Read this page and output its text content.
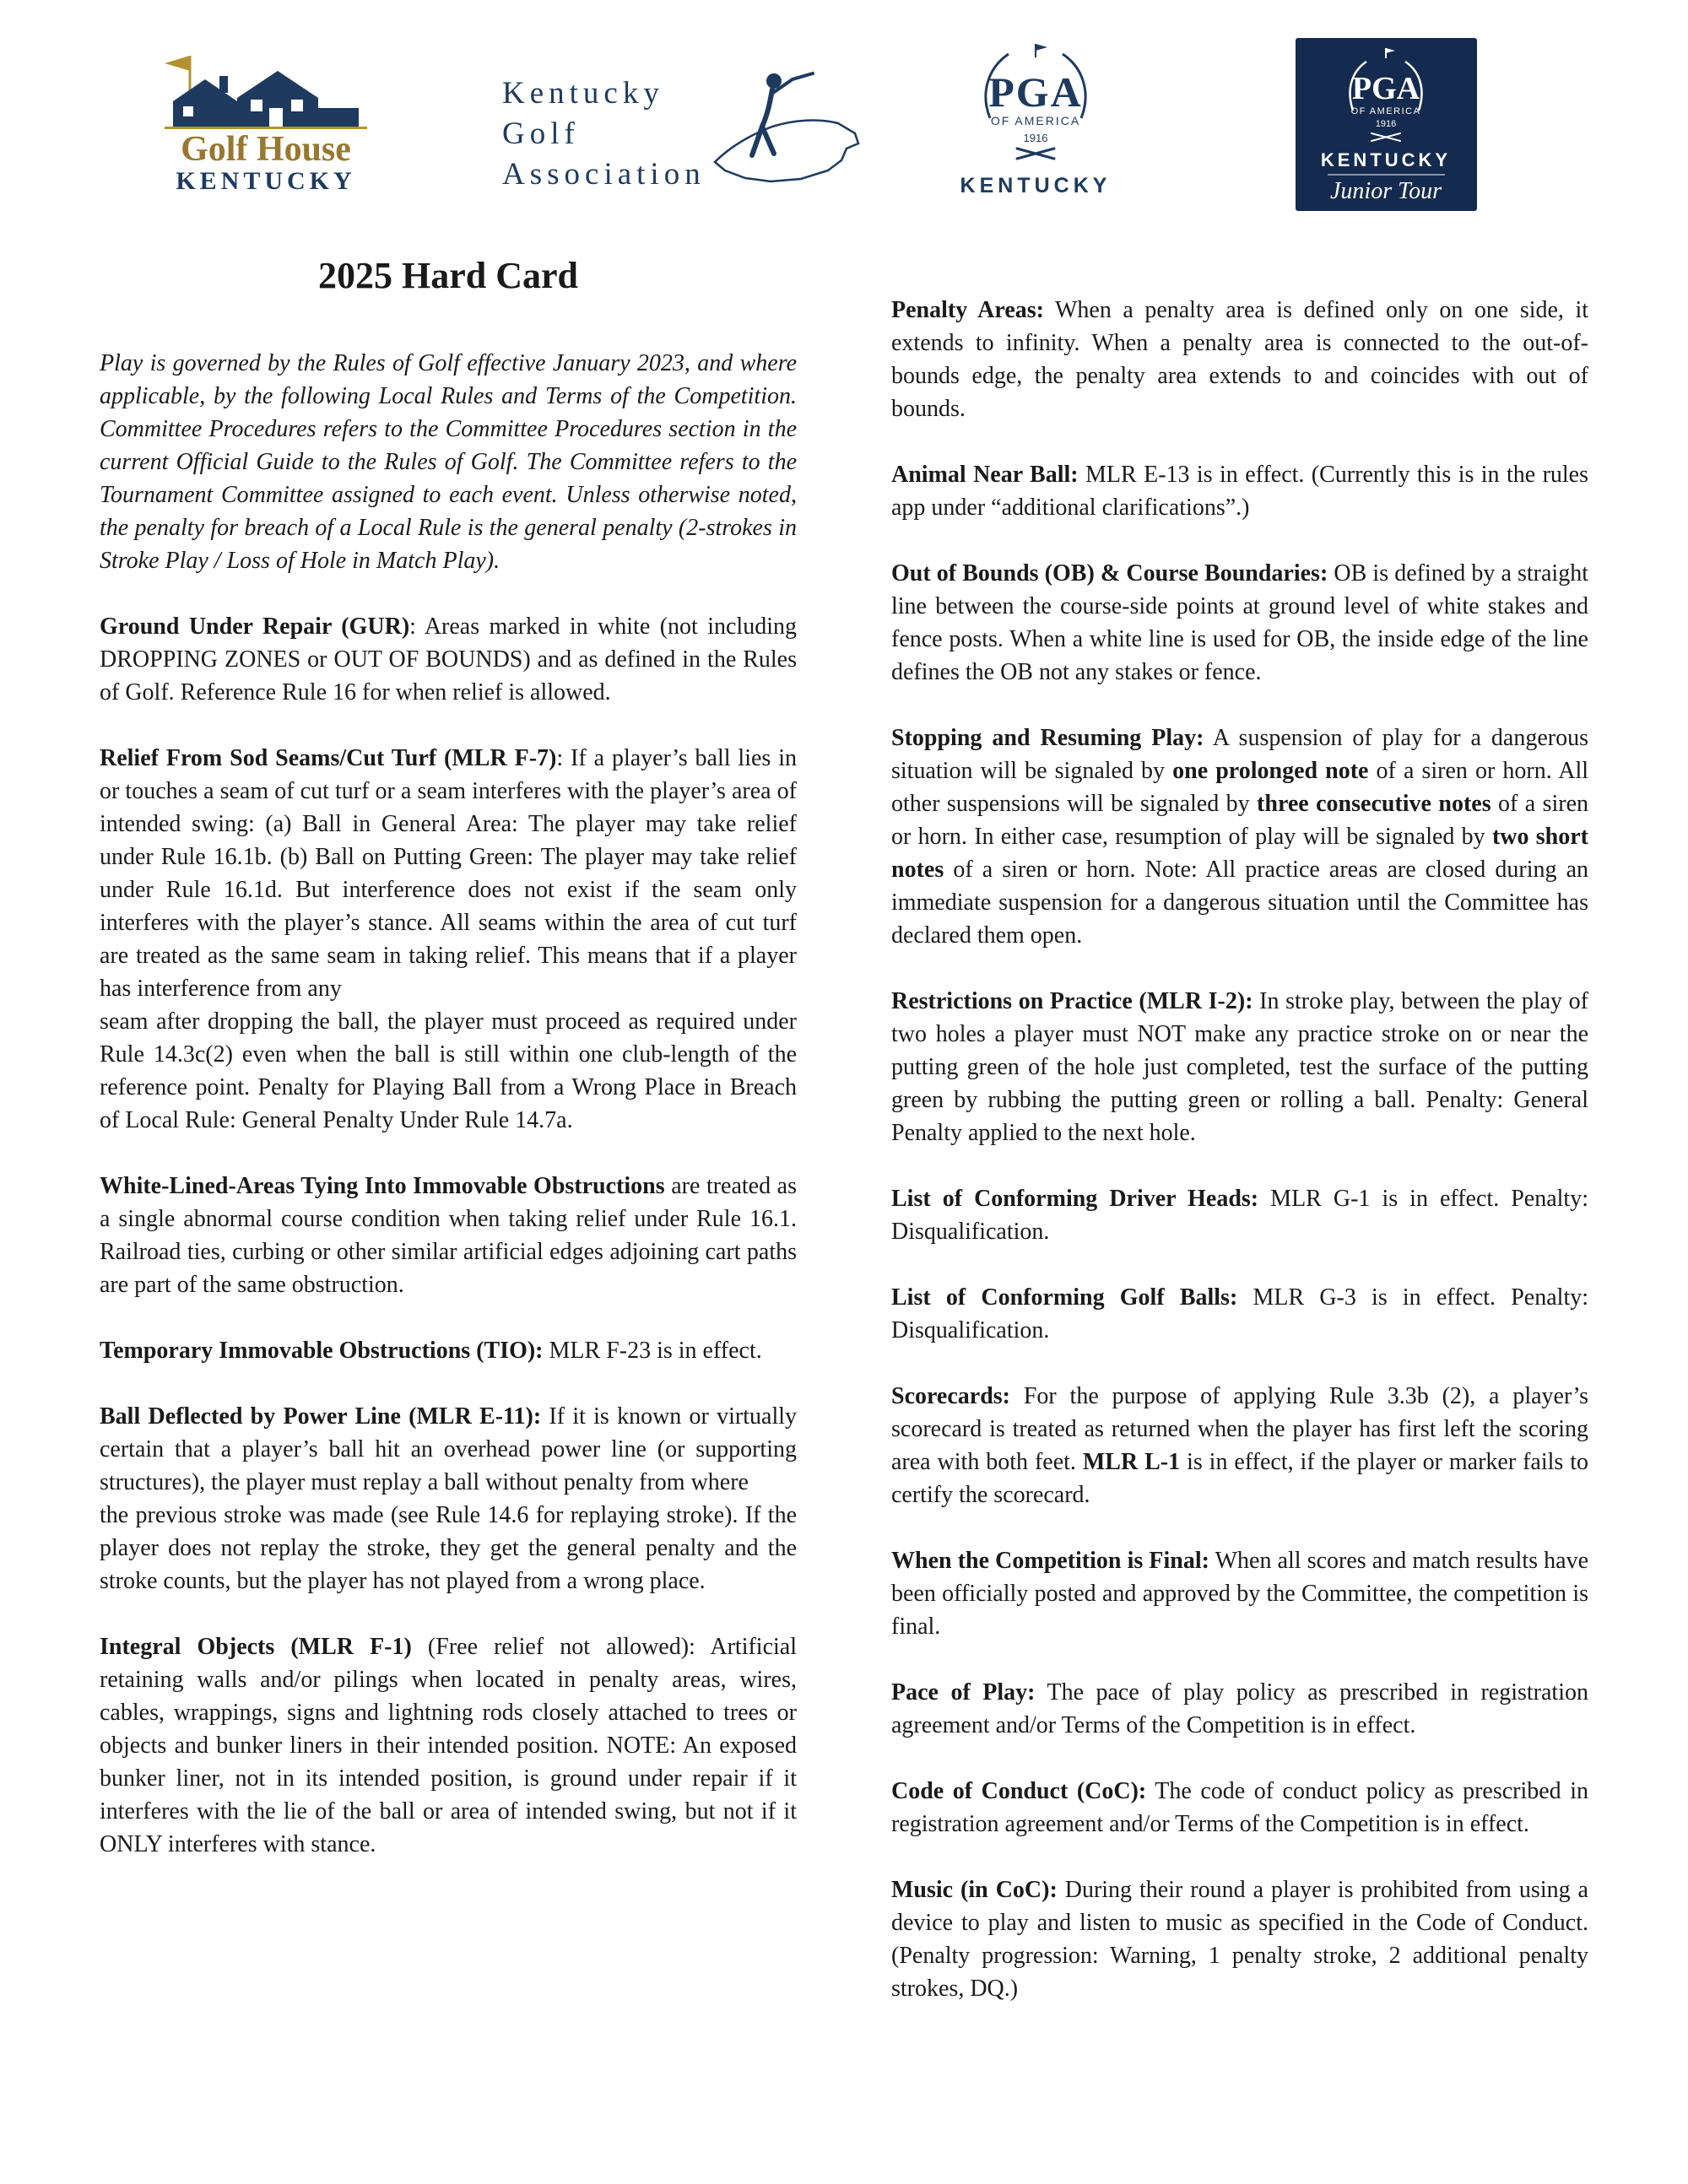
Golf House
KENTUCKY
Kentucky
Golf
Association
PGA
OF AMERICA
1916
KENTUCKY
PGA
OF AMERICA
1916
KENTUCKY
Junior Tour
2025 Hard Card

Play is governed by the Rules of Golf effective January 2023, and where applicable, by the following Local Rules and Terms of the Competition. Committee Procedures refers to the Committee Procedures section in the current Official Guide to the Rules of Golf. The Committee refers to the Tournament Committee assigned to each event. Unless otherwise noted, the penalty for breach of a Local Rule is the general penalty (2-strokes in Stroke Play / Loss of Hole in Match Play).

Ground Under Repair (GUR): Areas marked in white (not including DROPPING ZONES or OUT OF BOUNDS) and as defined in the Rules of Golf. Reference Rule 16 for when relief is allowed.

Relief From Sod Seams/Cut Turf (MLR F-7): If a player’s ball lies in or touches a seam of cut turf or a seam interferes with the player’s area of intended swing: (a) Ball in General Area: The player may take relief under Rule 16.1b. (b) Ball on Putting Green: The player may take relief under Rule 16.1d. But interference does not exist if the seam only interferes with the player’s stance. All seams within the area of cut turf are treated as the same seam in taking relief. This means that if a player has interference from any
seam after dropping the ball, the player must proceed as required under Rule 14.3c(2) even when the ball is still within one club-length of the reference point. Penalty for Playing Ball from a Wrong Place in Breach of Local Rule: General Penalty Under Rule 14.7a.

White-Lined-Areas Tying Into Immovable Obstructions are treated as a single abnormal course condition when taking relief under Rule 16.1. Railroad ties, curbing or other similar artificial edges adjoining cart paths are part of the same obstruction.

Temporary Immovable Obstructions (TIO): MLR F-23 is in effect.

Ball Deflected by Power Line (MLR E-11): If it is known or virtually certain that a player’s ball hit an overhead power line (or supporting structures), the player must replay a ball without penalty from where
the previous stroke was made (see Rule 14.6 for replaying stroke). If the player does not replay the stroke, they get the general penalty and the stroke counts, but the player has not played from a wrong place.

Integral Objects (MLR F-1) (Free relief not allowed): Artificial retaining walls and/or pilings when located in penalty areas, wires, cables, wrappings, signs and lightning rods closely attached to trees or objects and bunker liners in their intended position. NOTE: An exposed bunker liner, not in its intended position, is ground under repair if it interferes with the lie of the ball or area of intended swing, but not if it ONLY interferes with stance.

Penalty Areas: When a penalty area is defined only on one side, it extends to infinity. When a penalty area is connected to the out-of-bounds edge, the penalty area extends to and coincides with out of bounds.

Animal Near Ball: MLR E-13 is in effect. (Currently this is in the rules app under “additional clarifications”.)

Out of Bounds (OB) & Course Boundaries: OB is defined by a straight line between the course-side points at ground level of white stakes and fence posts. When a white line is used for OB, the inside edge of the line defines the OB not any stakes or fence.

Stopping and Resuming Play: A suspension of play for a dangerous situation will be signaled by one prolonged note of a siren or horn. All other suspensions will be signaled by three consecutive notes of a siren or horn. In either case, resumption of play will be signaled by two short notes of a siren or horn. Note: All practice areas are closed during an immediate suspension for a dangerous situation until the Committee has declared them open.

Restrictions on Practice (MLR I-2): In stroke play, between the play of two holes a player must NOT make any practice stroke on or near the putting green of the hole just completed, test the surface of the putting green by rubbing the putting green or rolling a ball. Penalty: General Penalty applied to the next hole.

List of Conforming Driver Heads: MLR G-1 is in effect. Penalty: Disqualification.

List of Conforming Golf Balls: MLR G-3 is in effect. Penalty: Disqualification.

Scorecards: For the purpose of applying Rule 3.3b (2), a player’s scorecard is treated as returned when the player has first left the scoring area with both feet. MLR L-1 is in effect, if the player or marker fails to certify the scorecard.

When the Competition is Final: When all scores and match results have been officially posted and approved by the Committee, the competition is final.

Pace of Play: The pace of play policy as prescribed in registration agreement and/or Terms of the Competition is in effect.

Code of Conduct (CoC): The code of conduct policy as prescribed in registration agreement and/or Terms of the Competition is in effect.

Music (in CoC): During their round a player is prohibited from using a device to play and listen to music as specified in the Code of Conduct. (Penalty progression: Warning, 1 penalty stroke, 2 additional penalty strokes, DQ.)
